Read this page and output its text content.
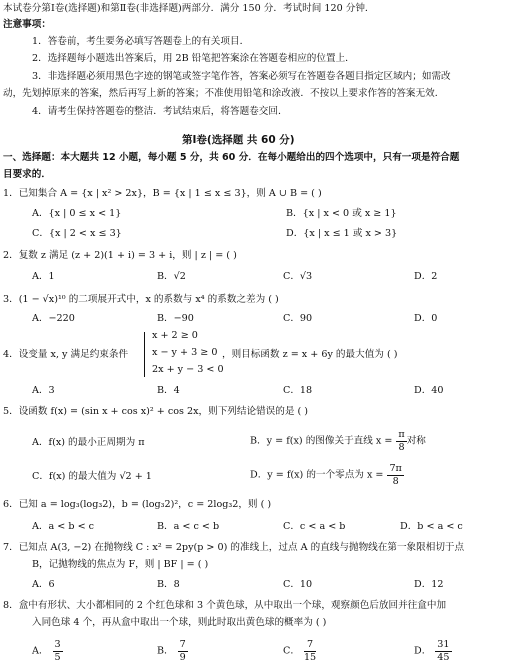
本试卷分第Ⅰ卷(选择题)和第Ⅱ卷(非选择题)两部分．满分 150 分．考试时间 120 分钟．
注意事项：
1．答卷前，考生要务必填写答题卷上的有关项目．
2．选择题每小题选出答案后，用 2B 铅笔把答案涂在答题卷相应的位置上．
3．非选择题必须用黑色字迹的钢笔或签字笔作答，答案必须写在答题卷各题目指定区域内；如需改
动，先划掉原来的答案，然后再写上新的答案；不准使用铅笔和涂改液．不按以上要求作答的答案无效．
4．请考生保持答题卷的整洁．考试结束后，将答题卷交回．
第Ⅰ卷(选择题 共 60 分)
一、选择题：本大题共 12 小题，每小题 5 分，共 60 分．在每小题给出的四个选项中，只有一项是符合题
目要求的．
1．已知集合 A = {x | x² > 2x}，B = {x | 1 ≤ x ≤ 3}，则 A ∪ B = ( )
A．{x | 0 ≤ x < 1}	B．{x | x < 0 或 x ≥ 1}
C．{x | 2 < x ≤ 3}	D．{x | x ≤ 1 或 x > 3}
2．复数 z 满足 (z + 2)(1 + i) = 3 + i，则 | z | = ( )
A．1	B．√2	C．√3	D．2
3．(1 − √x)¹⁰ 的二项展开式中，x 的系数与 x⁴ 的系数之差为 ( )
A．−220	B．−90	C．90	D．0
4．设变量 x, y 满足约束条件
x + 2 ≥ 0
x − y + 3 ≥ 0
2x + y − 3 < 0
，则目标函数 z = x + 6y 的最大值为 ( )
A．3	B．4	C．18	D．40
5．设函数 f(x) = (sin x + cos x)² + cos 2x，则下列结论错误的是 ( )
A．f(x) 的最小正周期为 π	B．y = f(x) 的图像关于直线 $x = \frac{\pi}{8}$ 对称
C．f(x) 的最大值为 √2 + 1	D．y = f(x) 的一个零点为 $x = \frac{7\pi}{8}$
6．已知 a = log₃(log₃2)，b = (log₃2)²，c = 2log₃2，则 ( )
A．a < b < c	B．a < c < b	C．c < a < b	D．b < a < c
7．已知点 A(3, −2) 在抛物线 C : x² = 2py(p > 0) 的准线上，过点 A 的直线与抛物线在第一象限相切于点
B，记抛物线的焦点为 F，则 | BF | = ( )
A．6	B．8	C．10	D．12
8．盒中有形状、大小都相同的 2 个红色球和 3 个黄色球，从中取出一个球，观察颜色后放回并往盒中加
入同色球 4 个，再从盒中取出一个球，则此时取出黄色球的概率为 ( )
A． $\frac{3}{5}$	B． $\frac{7}{9}$	C． $\frac{7}{15}$	D． $\frac{31}{45}$
